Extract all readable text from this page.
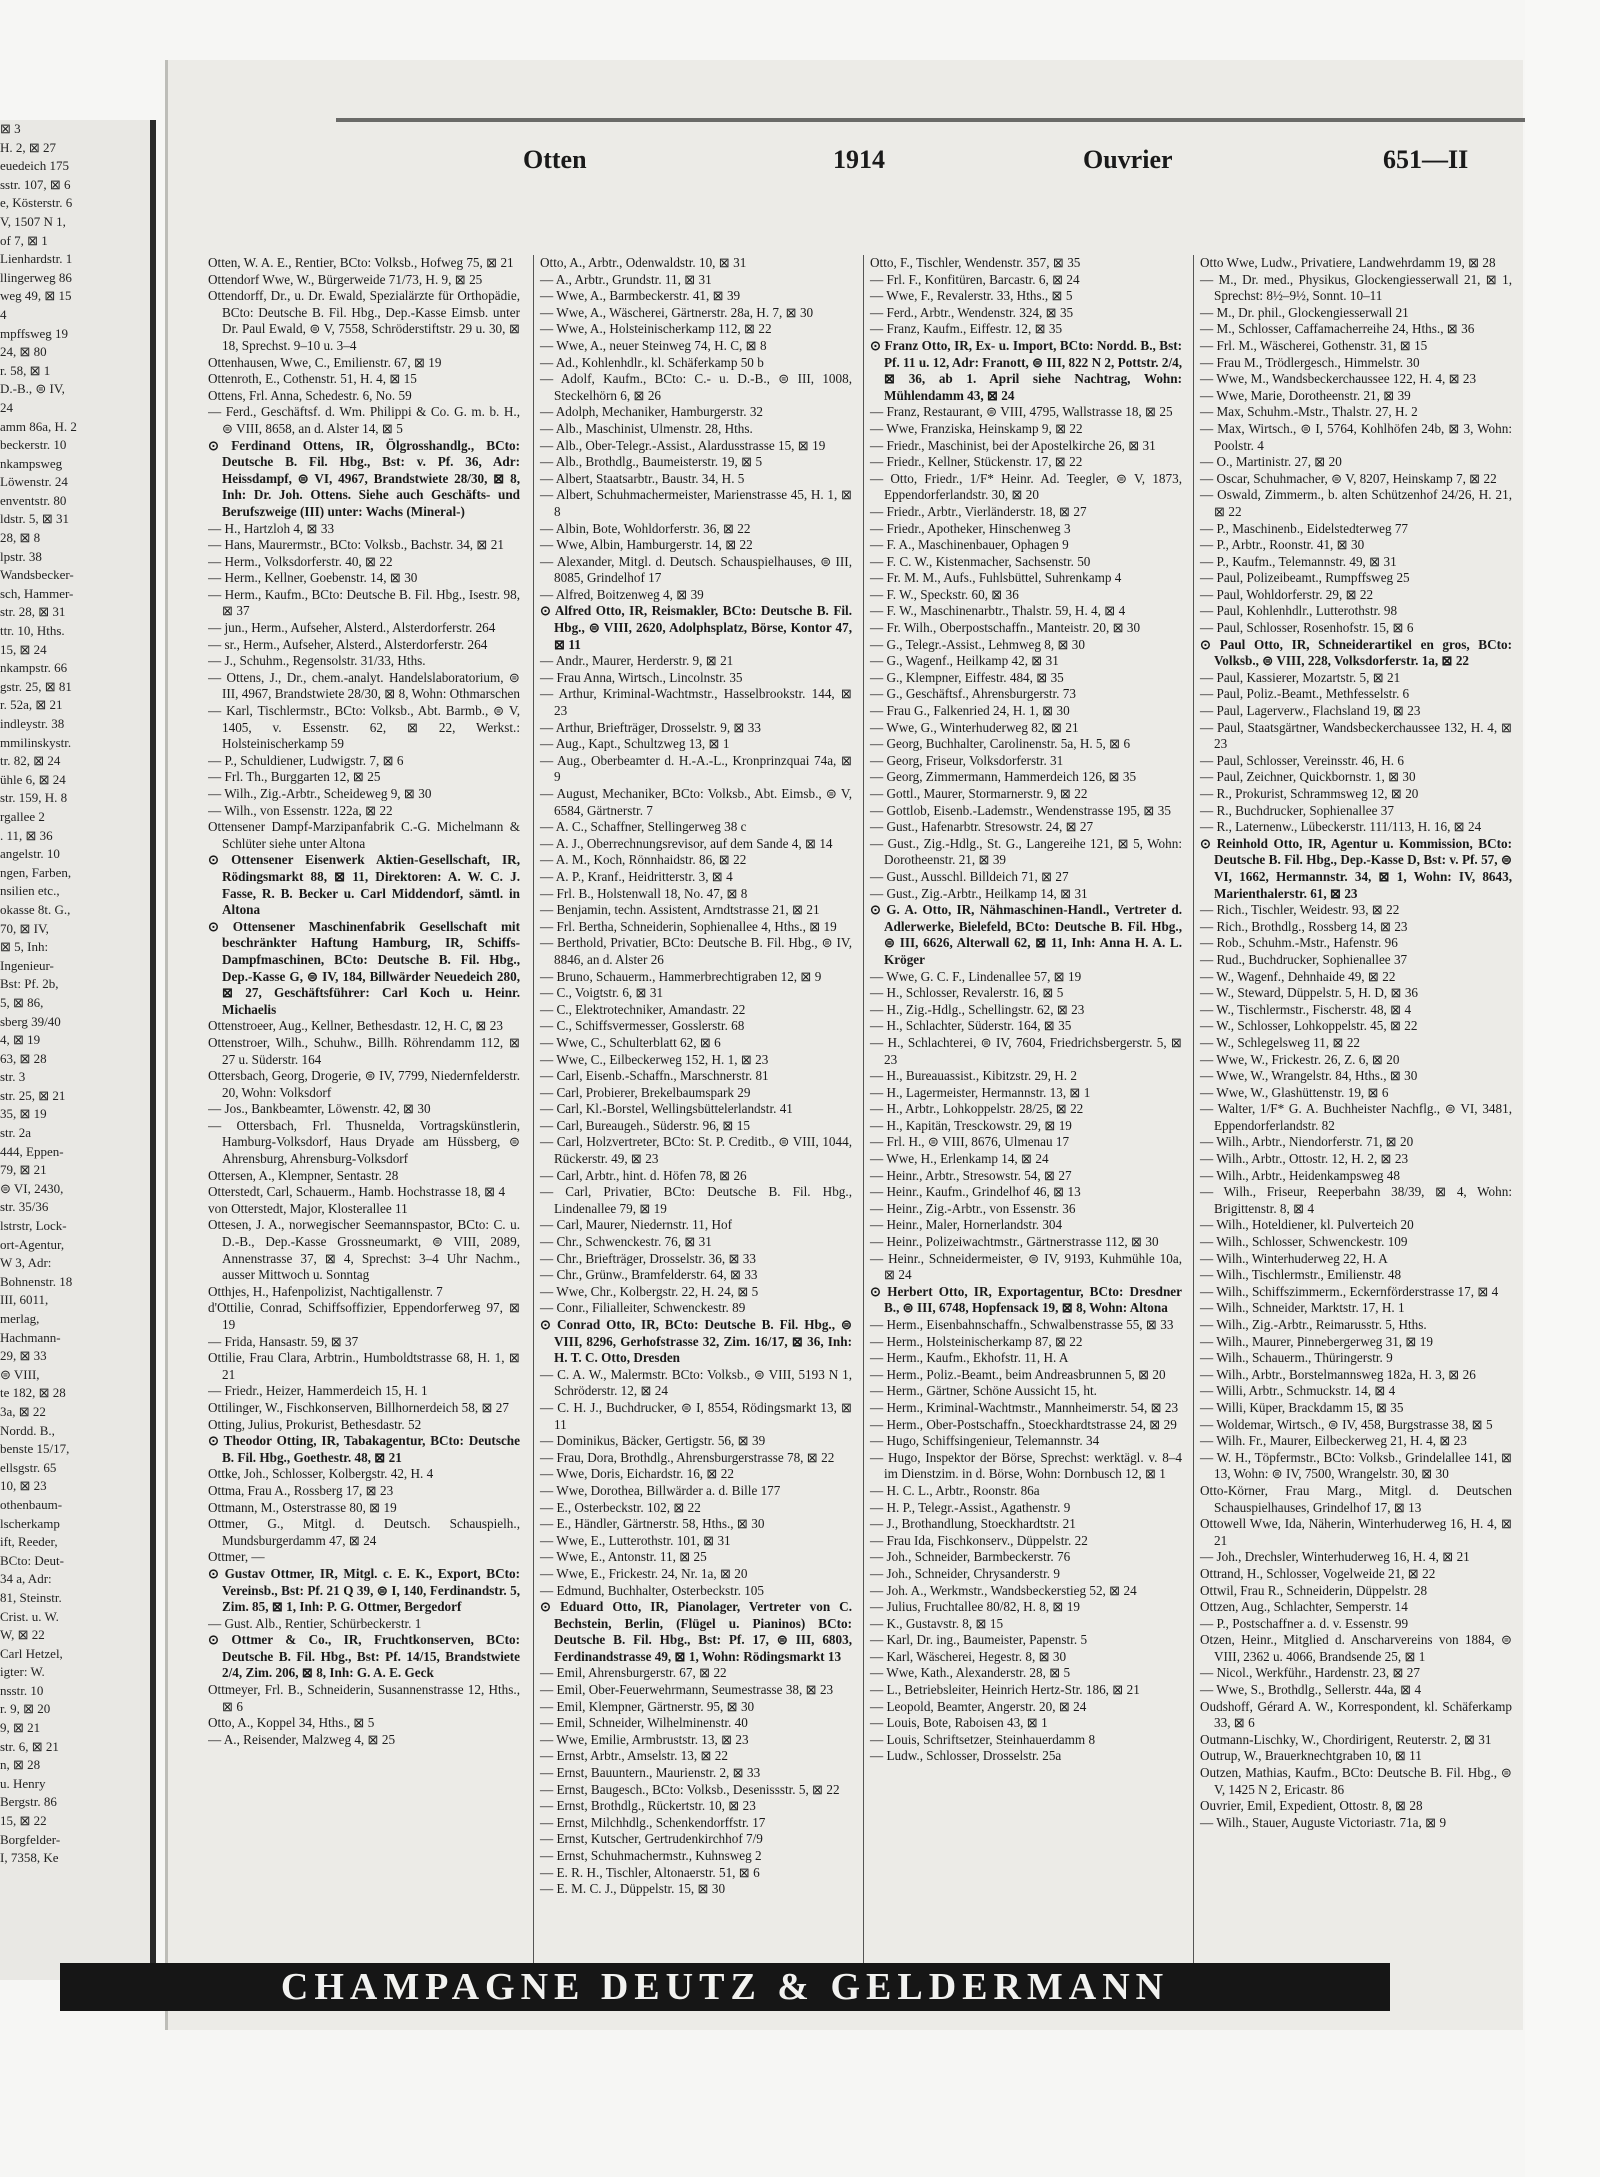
⊠ 3
H. 2, ⊠ 27
euedeich 175
sstr. 107, ⊠ 6
e, Kösterstr. 6
V, 1507 N 1,
of 7, ⊠ 1
Lienhardstr. 1
llingerweg 86
weg 49, ⊠ 15
4
mpffsweg 19
24, ⊠ 80
r. 58, ⊠ 1
D.-B., ⊜ IV,
24
amm 86a, H. 2
beckerstr. 10
nkampsweg
Löwenstr. 24
enventstr. 80
ldstr. 5, ⊠ 31
28, ⊠ 8
lpstr. 38
Wandsbecker-
sch, Hammer-
str. 28, ⊠ 31
ttr. 10, Hths.
15, ⊠ 24
nkampstr. 66
gstr. 25, ⊠ 81
r. 52a, ⊠ 21
indleystr. 38
mmilinskystr.
tr. 82, ⊠ 24
ühle 6, ⊠ 24
str. 159, H. 8
rgallee 2
. 11, ⊠ 36
angelstr. 10
ngen, Farben,
nsilien etc.,
okasse 8t. G.,
70, ⊠ IV,
⊠ 5, Inh:
Ingenieur-
Bst: Pf. 2b,
5, ⊠ 86,
sberg 39/40
4, ⊠ 19
63, ⊠ 28
str. 3
str. 25, ⊠ 21
35, ⊠ 19
str. 2a
444, Eppen-
79, ⊠ 21
⊜ VI, 2430,
str. 35/36
lstrstr, Lock-
ort-Agentur,
W 3, Adr:
Bohnenstr. 18
III, 6011,
merlag,
Hachmann-
29, ⊠ 33
⊜ VIII,
te 182, ⊠ 28
3a, ⊠ 22
Nordd. B.,
benste 15/17,
ellsgstr. 65
10, ⊠ 23
othenbaum-
lscherkamp
ift, Reeder,
BCto: Deut-
34 a, Adr:
81, Steinstr.
Crist. u. W.
W, ⊠ 22
Carl Hetzel,
igter: W.
nsstr. 10
r. 9, ⊠ 20
9, ⊠ 21
str. 6, ⊠ 21
n, ⊠ 28
u. Henry
Bergstr. 86
15, ⊠ 22
Borgfelder-
I, 7358, Ke
Otten	1914	Ouvrier	651—II
Otten, W. A. E., Rentier, BCto: Volksb., Hofweg 75, ⊠ 21
Ottendorf Wwe, W., Bürgerweide 71/73, H. 9, ⊠ 25
Ottendorff, Dr., u. Dr. Ewald, Spezialärzte für Orthopädie, BCto: Deutsche B. Fil. Hbg., Dep.-Kasse Eimsb. unter Dr. Paul Ewald, ⊜ V, 7558, Schröderstiftstr. 29 u. 30, ⊠ 18, Sprechst. 9–10 u. 3–4
Ottenhausen, Wwe, C., Emilienstr. 67, ⊠ 19
Ottenroth, E., Cothenstr. 51, H. 4, ⊠ 15
Ottens, Frl. Anna, Schedestr. 6, No. 59
— Ferd., Geschäftsf. d. Wm. Philippi & Co. G. m. b. H., ⊜ VIII, 8658, an d. Alster 14, ⊠ 5
⊙ Ferdinand Ottens, IR, Ölgrosshandlg., BCto: Deutsche B. Fil. Hbg., Bst: v. Pf. 36, Adr: Heissdampf, ⊜ VI, 4967, Brandstwiete 28/30, ⊠ 8, Inh: Dr. Joh. Ottens. Siehe auch Geschäfts- und Berufszweige (III) unter: Wachs (Mineral-)
— H., Hartzloh 4, ⊠ 33
— Hans, Maurermstr., BCto: Volksb., Bachstr. 34, ⊠ 21
— Herm., Volksdorferstr. 40, ⊠ 22
— Herm., Kellner, Goebenstr. 14, ⊠ 30
— Herm., Kaufm., BCto: Deutsche B. Fil. Hbg., Isestr. 98, ⊠ 37
— jun., Herm., Aufseher, Alsterd., Alsterdorferstr. 264
— sr., Herm., Aufseher, Alsterd., Alsterdorferstr. 264
— J., Schuhm., Regensolstr. 31/33, Hths.
— Ottens, J., Dr., chem.-analyt. Handelslaboratorium, ⊜ III, 4967, Brandstwiete 28/30, ⊠ 8, Wohn: Othmarschen
— Karl, Tischlermstr., BCto: Volksb., Abt. Barmb., ⊜ V, 1405, v. Essenstr. 62, ⊠ 22, Werkst.: Holsteinischerkamp 59
— P., Schuldiener, Ludwigstr. 7, ⊠ 6
— Frl. Th., Burggarten 12, ⊠ 25
— Wilh., Zig.-Arbtr., Scheideweg 9, ⊠ 30
— Wilh., von Essenstr. 122a, ⊠ 22
Ottensener Dampf-Marzipanfabrik C.-G. Michelmann & Schlüter siehe unter Altona
⊙ Ottensener Eisenwerk Aktien-Gesellschaft, IR, Rödingsmarkt 88, ⊠ 11, Direktoren: A. W. C. J. Fasse, R. B. Becker u. Carl Middendorf, sämtl. in Altona
⊙ Ottensener Maschinenfabrik Gesellschaft mit beschränkter Haftung Hamburg, IR, Schiffs-Dampfmaschinen, BCto: Deutsche B. Fil. Hbg., Dep.-Kasse G, ⊜ IV, 184, Billwärder Neuedeich 280, ⊠ 27, Geschäftsführer: Carl Koch u. Heinr. Michaelis
Ottenstroeer, Aug., Kellner, Bethesdastr. 12, H. C, ⊠ 23
Ottenstroer, Wilh., Schuhw., Billh. Röhrendamm 112, ⊠ 27 u. Süderstr. 164
Ottersbach, Georg, Drogerie, ⊜ IV, 7799, Niedernfelderstr. 20, Wohn: Volksdorf
— Jos., Bankbeamter, Löwenstr. 42, ⊠ 30
— Ottersbach, Frl. Thusnelda, Vortragskünstlerin, Hamburg-Volksdorf, Haus Dryade am Hüssberg, ⊜ Ahrensburg, Ahrensburg-Volksdorf
Ottersen, A., Klempner, Sentastr. 28
Otterstedt, Carl, Schauerm., Hamb. Hochstrasse 18, ⊠ 4
von Otterstedt, Major, Klosterallee 11
Ottesen, J. A., norwegischer Seemannspastor, BCto: C. u. D.-B., Dep.-Kasse Grossneumarkt, ⊜ VIII, 2089, Annenstrasse 37, ⊠ 4, Sprechst: 3–4 Uhr Nachm., ausser Mittwoch u. Sonntag
Otthjes, H., Hafenpolizist, Nachtigallenstr. 7
d'Ottilie, Conrad, Schiffsoffizier, Eppendorferweg 97, ⊠ 19
— Frida, Hansastr. 59, ⊠ 37
Ottilie, Frau Clara, Arbtrin., Humboldtstrasse 68, H. 1, ⊠ 21
— Friedr., Heizer, Hammerdeich 15, H. 1
Ottilinger, W., Fischkonserven, Billhornerdeich 58, ⊠ 27
Otting, Julius, Prokurist, Bethesdastr. 52
⊙ Theodor Otting, IR, Tabakagentur, BCto: Deutsche B. Fil. Hbg., Goethestr. 48, ⊠ 21
Ottke, Joh., Schlosser, Kolbergstr. 42, H. 4
Ottma, Frau A., Rossberg 17, ⊠ 23
Ottmann, M., Osterstrasse 80, ⊠ 19
Ottmer, G., Mitgl. d. Deutsch. Schauspielh., Mundsburgerdamm 47, ⊠ 24
Ottmer, —
⊙ Gustav Ottmer, IR, Mitgl. c. E. K., Export, BCto: Vereinsb., Bst: Pf. 21 Q 39, ⊜ I, 140, Ferdinandstr. 5, Zim. 85, ⊠ 1, Inh: P. G. Ottmer, Bergedorf
— Gust. Alb., Rentier, Schürbeckerstr. 1
⊙ Ottmer & Co., IR, Fruchtkonserven, BCto: Deutsche B. Fil. Hbg., Bst: Pf. 14/15, Brandstwiete 2/4, Zim. 206, ⊠ 8, Inh: G. A. E. Geck
Ottmeyer, Frl. B., Schneiderin, Susannenstrasse 12, Hths., ⊠ 6
Otto, A., Koppel 34, Hths., ⊠ 5
— A., Reisender, Malzweg 4, ⊠ 25
Otto, A., Arbtr., Odenwaldstr. 10, ⊠ 31
— A., Arbtr., Grundstr. 11, ⊠ 31
— Wwe, A., Barmbeckerstr. 41, ⊠ 39
— Wwe, A., Wäscherei, Gärtnerstr. 28a, H. 7, ⊠ 30
— Wwe, A., Holsteinischerkamp 112, ⊠ 22
— Wwe, A., neuer Steinweg 74, H. C, ⊠ 8
— Ad., Kohlenhdlr., kl. Schäferkamp 50 b
— Adolf, Kaufm., BCto: C.- u. D.-B., ⊜ III, 1008, Steckelhörn 6, ⊠ 26
— Adolph, Mechaniker, Hamburgerstr. 32
— Alb., Maschinist, Ulmenstr. 28, Hths.
— Alb., Ober-Telegr.-Assist., Alardusstrasse 15, ⊠ 19
— Alb., Brothdlg., Baumeisterstr. 19, ⊠ 5
— Albert, Staatsarbtr., Baustr. 34, H. 5
— Albert, Schuhmachermeister, Marienstrasse 45, H. 1, ⊠ 8
— Albin, Bote, Wohldorferstr. 36, ⊠ 22
— Wwe, Albin, Hamburgerstr. 14, ⊠ 22
— Alexander, Mitgl. d. Deutsch. Schauspielhauses, ⊜ III, 8085, Grindelhof 17
— Alfred, Boitzenweg 4, ⊠ 39
⊙ Alfred Otto, IR, Reismakler, BCto: Deutsche B. Fil. Hbg., ⊜ VIII, 2620, Adolphsplatz, Börse, Kontor 47, ⊠ 11
— Andr., Maurer, Herderstr. 9, ⊠ 21
— Frau Anna, Wirtsch., Lincolnstr. 35
— Arthur, Kriminal-Wachtmstr., Hasselbrookstr. 144, ⊠ 23
— Arthur, Briefträger, Drosselstr. 9, ⊠ 33
— Aug., Kapt., Schultzweg 13, ⊠ 1
— Aug., Oberbeamter d. H.-A.-L., Kronprinzquai 74a, ⊠ 9
— August, Mechaniker, BCto: Volksb., Abt. Eimsb., ⊜ V, 6584, Gärtnerstr. 7
— A. C., Schaffner, Stellingerweg 38 c
— A. J., Oberrechnungsrevisor, auf dem Sande 4, ⊠ 14
— A. M., Koch, Rönnhaidstr. 86, ⊠ 22
— A. P., Kranf., Heidritterstr. 3, ⊠ 4
— Frl. B., Holstenwall 18, No. 47, ⊠ 8
— Benjamin, techn. Assistent, Arndtstrasse 21, ⊠ 21
— Frl. Bertha, Schneiderin, Sophienallee 4, Hths., ⊠ 19
— Berthold, Privatier, BCto: Deutsche B. Fil. Hbg., ⊜ IV, 8846, an d. Alster 26
— Bruno, Schauerm., Hammerbrechtigraben 12, ⊠ 9
— C., Voigtstr. 6, ⊠ 31
— C., Elektrotechniker, Amandastr. 22
— C., Schiffsvermesser, Gosslerstr. 68
— Wwe, C., Schulterblatt 62, ⊠ 6
— Wwe, C., Eilbeckerweg 152, H. 1, ⊠ 23
— Carl, Eisenb.-Schaffn., Marschnerstr. 81
— Carl, Probierer, Brekelbaumspark 29
— Carl, Kl.-Borstel, Wellingsbüttelerlandstr. 41
— Carl, Bureaugeh., Süderstr. 96, ⊠ 15
— Carl, Holzvertreter, BCto: St. P. Creditb., ⊜ VIII, 1044, Rückerstr. 49, ⊠ 23
— Carl, Arbtr., hint. d. Höfen 78, ⊠ 26
— Carl, Privatier, BCto: Deutsche B. Fil. Hbg., Lindenallee 79, ⊠ 19
— Carl, Maurer, Niedernstr. 11, Hof
— Chr., Schwenckestr. 76, ⊠ 31
— Chr., Briefträger, Drosselstr. 36, ⊠ 33
— Chr., Grünw., Bramfelderstr. 64, ⊠ 33
— Wwe, Chr., Kolbergstr. 22, H. 24, ⊠ 5
— Conr., Filialleiter, Schwenckestr. 89
⊙ Conrad Otto, IR, BCto: Deutsche B. Fil. Hbg., ⊜ VIII, 8296, Gerhofstrasse 32, Zim. 16/17, ⊠ 36, Inh: H. T. C. Otto, Dresden
— C. A. W., Malermstr. BCto: Volksb., ⊜ VIII, 5193 N 1, Schröderstr. 12, ⊠ 24
— C. H. J., Buchdrucker, ⊜ I, 8554, Rödingsmarkt 13, ⊠ 11
— Dominikus, Bäcker, Gertigstr. 56, ⊠ 39
— Frau, Dora, Brothdlg., Ahrensburgerstrasse 78, ⊠ 22
— Wwe, Doris, Eichardstr. 16, ⊠ 22
— Wwe, Dorothea, Billwärder a. d. Bille 177
— E., Osterbeckstr. 102, ⊠ 22
— E., Händler, Gärtnerstr. 58, Hths., ⊠ 30
— Wwe, E., Lutterothstr. 101, ⊠ 31
— Wwe, E., Antonstr. 11, ⊠ 25
— Wwe, E., Frickestr. 24, Nr. 1a, ⊠ 20
— Edmund, Buchhalter, Osterbeckstr. 105
⊙ Eduard Otto, IR, Pianolager, Vertreter von C. Bechstein, Berlin, (Flügel u. Pianinos) BCto: Deutsche B. Fil. Hbg., Bst: Pf. 17, ⊜ III, 6803, Ferdinandstrasse 49, ⊠ 1, Wohn: Rödingsmarkt 13
— Emil, Ahrensburgerstr. 67, ⊠ 22
— Emil, Ober-Feuerwehrmann, Seumestrasse 38, ⊠ 23
— Emil, Klempner, Gärtnerstr. 95, ⊠ 30
— Emil, Schneider, Wilhelminenstr. 40
— Wwe, Emilie, Armbruststr. 13, ⊠ 23
— Ernst, Arbtr., Amselstr. 13, ⊠ 22
— Ernst, Bauuntern., Maurienstr. 2, ⊠ 33
— Ernst, Baugesch., BCto: Volksb., Desenissstr. 5, ⊠ 22
— Ernst, Brothdlg., Rückertstr. 10, ⊠ 23
— Ernst, Milchhdlg., Schenkendorffstr. 17
— Ernst, Kutscher, Gertrudenkirchhof 7/9
— Ernst, Schuhmachermstr., Kuhnsweg 2
— E. R. H., Tischler, Altonaerstr. 51, ⊠ 6
— E. M. C. J., Düppelstr. 15, ⊠ 30
Otto, F., Tischler, Wendenstr. 357, ⊠ 35
— Frl. F., Konfitüren, Barcastr. 6, ⊠ 24
— Wwe, F., Revalerstr. 33, Hths., ⊠ 5
— Ferd., Arbtr., Wendenstr. 324, ⊠ 35
— Franz, Kaufm., Eiffestr. 12, ⊠ 35
⊙ Franz Otto, IR, Ex- u. Import, BCto: Nordd. B., Bst: Pf. 11 u. 12, Adr: Franott, ⊜ III, 822 N 2, Pottstr. 2/4, ⊠ 36, ab 1. April siehe Nachtrag, Wohn: Mühlendamm 43, ⊠ 24
— Franz, Restaurant, ⊜ VIII, 4795, Wallstrasse 18, ⊠ 25
— Wwe, Franziska, Heinskamp 9, ⊠ 22
— Friedr., Maschinist, bei der Apostelkirche 26, ⊠ 31
— Friedr., Kellner, Stückenstr. 17, ⊠ 22
— Otto, Friedr., 1/F* Heinr. Ad. Teegler, ⊜ V, 1873, Eppendorferlandstr. 30, ⊠ 20
— Friedr., Arbtr., Vierländerstr. 18, ⊠ 27
— Friedr., Apotheker, Hinschenweg 3
— F. A., Maschinenbauer, Ophagen 9
— F. C. W., Kistenmacher, Sachsenstr. 50
— Fr. M. M., Aufs., Fuhlsbüttel, Suhrenkamp 4
— F. W., Speckstr. 60, ⊠ 36
— F. W., Maschinenarbtr., Thalstr. 59, H. 4, ⊠ 4
— Fr. Wilh., Oberpostschaffn., Manteistr. 20, ⊠ 30
— G., Telegr.-Assist., Lehmweg 8, ⊠ 30
— G., Wagenf., Heilkamp 42, ⊠ 31
— G., Klempner, Eiffestr. 484, ⊠ 35
— G., Geschäftsf., Ahrensburgerstr. 73
— Frau G., Falkenried 24, H. 1, ⊠ 30
— Wwe, G., Winterhuderweg 82, ⊠ 21
— Georg, Buchhalter, Carolinenstr. 5a, H. 5, ⊠ 6
— Georg, Friseur, Volksdorferstr. 31
— Georg, Zimmermann, Hammerdeich 126, ⊠ 35
— Gottl., Maurer, Stormarnerstr. 9, ⊠ 22
— Gottlob, Eisenb.-Lademstr., Wendenstrasse 195, ⊠ 35
— Gust., Hafenarbtr. Stresowstr. 24, ⊠ 27
— Gust., Zig.-Hdlg., St. G., Langereihe 121, ⊠ 5, Wohn: Dorotheenstr. 21, ⊠ 39
— Gust., Ausschl. Billdeich 71, ⊠ 27
— Gust., Zig.-Arbtr., Heilkamp 14, ⊠ 31
⊙ G. A. Otto, IR, Nähmaschinen-Handl., Vertreter d. Adlerwerke, Bielefeld, BCto: Deutsche B. Fil. Hbg., ⊜ III, 6626, Alterwall 62, ⊠ 11, Inh: Anna H. A. L. Kröger
— Wwe, G. C. F., Lindenallee 57, ⊠ 19
— H., Schlosser, Revalerstr. 16, ⊠ 5
— H., Zig.-Hdlg., Schellingstr. 62, ⊠ 23
— H., Schlachter, Süderstr. 164, ⊠ 35
— H., Schlachterei, ⊜ IV, 7604, Friedrichsbergerstr. 5, ⊠ 23
— H., Bureauassist., Kibitzstr. 29, H. 2
— H., Lagermeister, Hermannstr. 13, ⊠ 1
— H., Arbtr., Lohkoppelstr. 28/25, ⊠ 22
— H., Kapitän, Tresckowstr. 29, ⊠ 19
— Frl. H., ⊜ VIII, 8676, Ulmenau 17
— Wwe, H., Erlenkamp 14, ⊠ 24
— Heinr., Arbtr., Stresowstr. 54, ⊠ 27
— Heinr., Kaufm., Grindelhof 46, ⊠ 13
— Heinr., Zig.-Arbtr., von Essenstr. 36
— Heinr., Maler, Hornerlandstr. 304
— Heinr., Polizeiwachtmstr., Gärtnerstrasse 112, ⊠ 30
— Heinr., Schneidermeister, ⊜ IV, 9193, Kuhmühle 10a, ⊠ 24
⊙ Herbert Otto, IR, Exportagentur, BCto: Dresdner B., ⊜ III, 6748, Hopfensack 19, ⊠ 8, Wohn: Altona
— Herm., Eisenbahnschaffn., Schwalbenstrasse 55, ⊠ 33
— Herm., Holsteinischerkamp 87, ⊠ 22
— Herm., Kaufm., Ekhofstr. 11, H. A
— Herm., Poliz.-Beamt., beim Andreasbrunnen 5, ⊠ 20
— Herm., Gärtner, Schöne Aussicht 15, ht.
— Herm., Kriminal-Wachtmstr., Mannheimerstr. 54, ⊠ 23
— Herm., Ober-Postschaffn., Stoeckhardtstrasse 24, ⊠ 29
— Hugo, Schiffsingenieur, Telemannstr. 34
— Hugo, Inspektor der Börse, Sprechst: werktägl. v. 8–4 im Dienstzim. in d. Börse, Wohn: Dornbusch 12, ⊠ 1
— H. C. L., Arbtr., Roonstr. 86a
— H. P., Telegr.-Assist., Agathenstr. 9
— J., Brothandlung, Stoeckhardtstr. 21
— Frau Ida, Fischkonserv., Düppelstr. 22
— Joh., Schneider, Barmbeckerstr. 76
— Joh., Schneider, Chrysanderstr. 9
— Joh. A., Werkmstr., Wandsbeckerstieg 52, ⊠ 24
— Julius, Fruchtallee 80/82, H. 8, ⊠ 19
— K., Gustavstr. 8, ⊠ 15
— Karl, Dr. ing., Baumeister, Papenstr. 5
— Karl, Wäscherei, Hegestr. 8, ⊠ 30
— Wwe, Kath., Alexanderstr. 28, ⊠ 5
— L., Betriebsleiter, Heinrich Hertz-Str. 186, ⊠ 21
— Leopold, Beamter, Angerstr. 20, ⊠ 24
— Louis, Bote, Raboisen 43, ⊠ 1
— Louis, Schriftsetzer, Steinhauerdamm 8
— Ludw., Schlosser, Drosselstr. 25a
Otto Wwe, Ludw., Privatiere, Landwehrdamm 19, ⊠ 28
— M., Dr. med., Physikus, Glockengiesserwall 21, ⊠ 1, Sprechst: 8½–9½, Sonnt. 10–11
— M., Dr. phil., Glockengiesserwall 21
— M., Schlosser, Caffamacherreihe 24, Hths., ⊠ 36
— Frl. M., Wäscherei, Gothenstr. 31, ⊠ 15
— Frau M., Trödlergesch., Himmelstr. 30
— Wwe, M., Wandsbeckerchaussee 122, H. 4, ⊠ 23
— Wwe, Marie, Dorotheenstr. 21, ⊠ 39
— Max, Schuhm.-Mstr., Thalstr. 27, H. 2
— Max, Wirtsch., ⊜ I, 5764, Kohlhöfen 24b, ⊠ 3, Wohn: Poolstr. 4
— O., Martinistr. 27, ⊠ 20
— Oscar, Schuhmacher, ⊜ V, 8207, Heinskamp 7, ⊠ 22
— Oswald, Zimmerm., b. alten Schützenhof 24/26, H. 21, ⊠ 22
— P., Maschinenb., Eidelstedterweg 77
— P., Arbtr., Roonstr. 41, ⊠ 30
— P., Kaufm., Telemannstr. 49, ⊠ 31
— Paul, Polizeibeamt., Rumpffsweg 25
— Paul, Wohldorferstr. 29, ⊠ 22
— Paul, Kohlenhdlr., Lutterothstr. 98
— Paul, Schlosser, Rosenhofstr. 15, ⊠ 6
⊙ Paul Otto, IR, Schneiderartikel en gros, BCto: Volksb., ⊜ VIII, 228, Volksdorferstr. 1a, ⊠ 22
— Paul, Kassierer, Mozartstr. 5, ⊠ 21
— Paul, Poliz.-Beamt., Methfesselstr. 6
— Paul, Lagerverw., Flachsland 19, ⊠ 23
— Paul, Staatsgärtner, Wandsbeckerchaussee 132, H. 4, ⊠ 23
— Paul, Schlosser, Vereinsstr. 46, H. 6
— Paul, Zeichner, Quickbornstr. 1, ⊠ 30
— R., Prokurist, Schrammsweg 12, ⊠ 20
— R., Buchdrucker, Sophienallee 37
— R., Laternenw., Lübeckerstr. 111/113, H. 16, ⊠ 24
⊙ Reinhold Otto, IR, Agentur u. Kommission, BCto: Deutsche B. Fil. Hbg., Dep.-Kasse D, Bst: v. Pf. 57, ⊜ VI, 1662, Hermannstr. 34, ⊠ 1, Wohn: IV, 8643, Marienthalerstr. 61, ⊠ 23
— Rich., Tischler, Weidestr. 93, ⊠ 22
— Rich., Brothdlg., Rossberg 14, ⊠ 23
— Rob., Schuhm.-Mstr., Hafenstr. 96
— Rud., Buchdrucker, Sophienallee 37
— W., Wagenf., Dehnhaide 49, ⊠ 22
— W., Steward, Düppelstr. 5, H. D, ⊠ 36
— W., Tischlermstr., Fischerstr. 48, ⊠ 4
— W., Schlosser, Lohkoppelstr. 45, ⊠ 22
— W., Schlegelsweg 11, ⊠ 22
— Wwe, W., Frickestr. 26, Z. 6, ⊠ 20
— Wwe, W., Wrangelstr. 84, Hths., ⊠ 30
— Wwe, W., Glashüttenstr. 19, ⊠ 6
— Walter, 1/F* G. A. Buchheister Nachflg., ⊜ VI, 3481, Eppendorferlandstr. 82
— Wilh., Arbtr., Niendorferstr. 71, ⊠ 20
— Wilh., Arbtr., Ottostr. 12, H. 2, ⊠ 23
— Wilh., Arbtr., Heidenkampsweg 48
— Wilh., Friseur, Reeperbahn 38/39, ⊠ 4, Wohn: Brigittenstr. 8, ⊠ 4
— Wilh., Hoteldiener, kl. Pulverteich 20
— Wilh., Schlosser, Schwenckestr. 109
— Wilh., Winterhuderweg 22, H. A
— Wilh., Tischlermstr., Emilienstr. 48
— Wilh., Schiffszimmerm., Eckernförderstrasse 17, ⊠ 4
— Wilh., Schneider, Marktstr. 17, H. 1
— Wilh., Zig.-Arbtr., Reimarusstr. 5, Hths.
— Wilh., Maurer, Pinnebergerweg 31, ⊠ 19
— Wilh., Schauerm., Thüringerstr. 9
— Wilh., Arbtr., Borstelmannsweg 182a, H. 3, ⊠ 26
— Willi, Arbtr., Schmuckstr. 14, ⊠ 4
— Willi, Küper, Brackdamm 15, ⊠ 35
— Woldemar, Wirtsch., ⊜ IV, 458, Burgstrasse 38, ⊠ 5
— Wilh. Fr., Maurer, Eilbeckerweg 21, H. 4, ⊠ 23
— W. H., Töpfermstr., BCto: Volksb., Grindelallee 141, ⊠ 13, Wohn: ⊜ IV, 7500, Wrangelstr. 30, ⊠ 30
Otto-Körner, Frau Marg., Mitgl. d. Deutschen Schauspielhauses, Grindelhof 17, ⊠ 13
Ottowell Wwe, Ida, Näherin, Winterhuderweg 16, H. 4, ⊠ 21
— Joh., Drechsler, Winterhuderweg 16, H. 4, ⊠ 21
Ottrand, H., Schlosser, Vogelweide 21, ⊠ 22
Ottwil, Frau R., Schneiderin, Düppelstr. 28
Ottzen, Aug., Schlachter, Semperstr. 14
— P., Postschaffner a. d. v. Essenstr. 99
Otzen, Heinr., Mitglied d. Anscharvereins von 1884, ⊜ VIII, 2362 u. 4066, Brandsende 25, ⊠ 1
— Nicol., Werkführ., Hardenstr. 23, ⊠ 27
— Wwe, S., Brothdlg., Sellerstr. 44a, ⊠ 4
Oudshoff, Gérard A. W., Korrespondent, kl. Schäferkamp 33, ⊠ 6
Outmann-Lischky, W., Chordirigent, Reuterstr. 2, ⊠ 31
Outrup, W., Brauerknechtgraben 10, ⊠ 11
Outzen, Mathias, Kaufm., BCto: Deutsche B. Fil. Hbg., ⊜ V, 1425 N 2, Ericastr. 86
Ouvrier, Emil, Expedient, Ottostr. 8, ⊠ 28
— Wilh., Stauer, Auguste Victoriastr. 71a, ⊠ 9
CHAMPAGNE DEUTZ & GELDERMANN
